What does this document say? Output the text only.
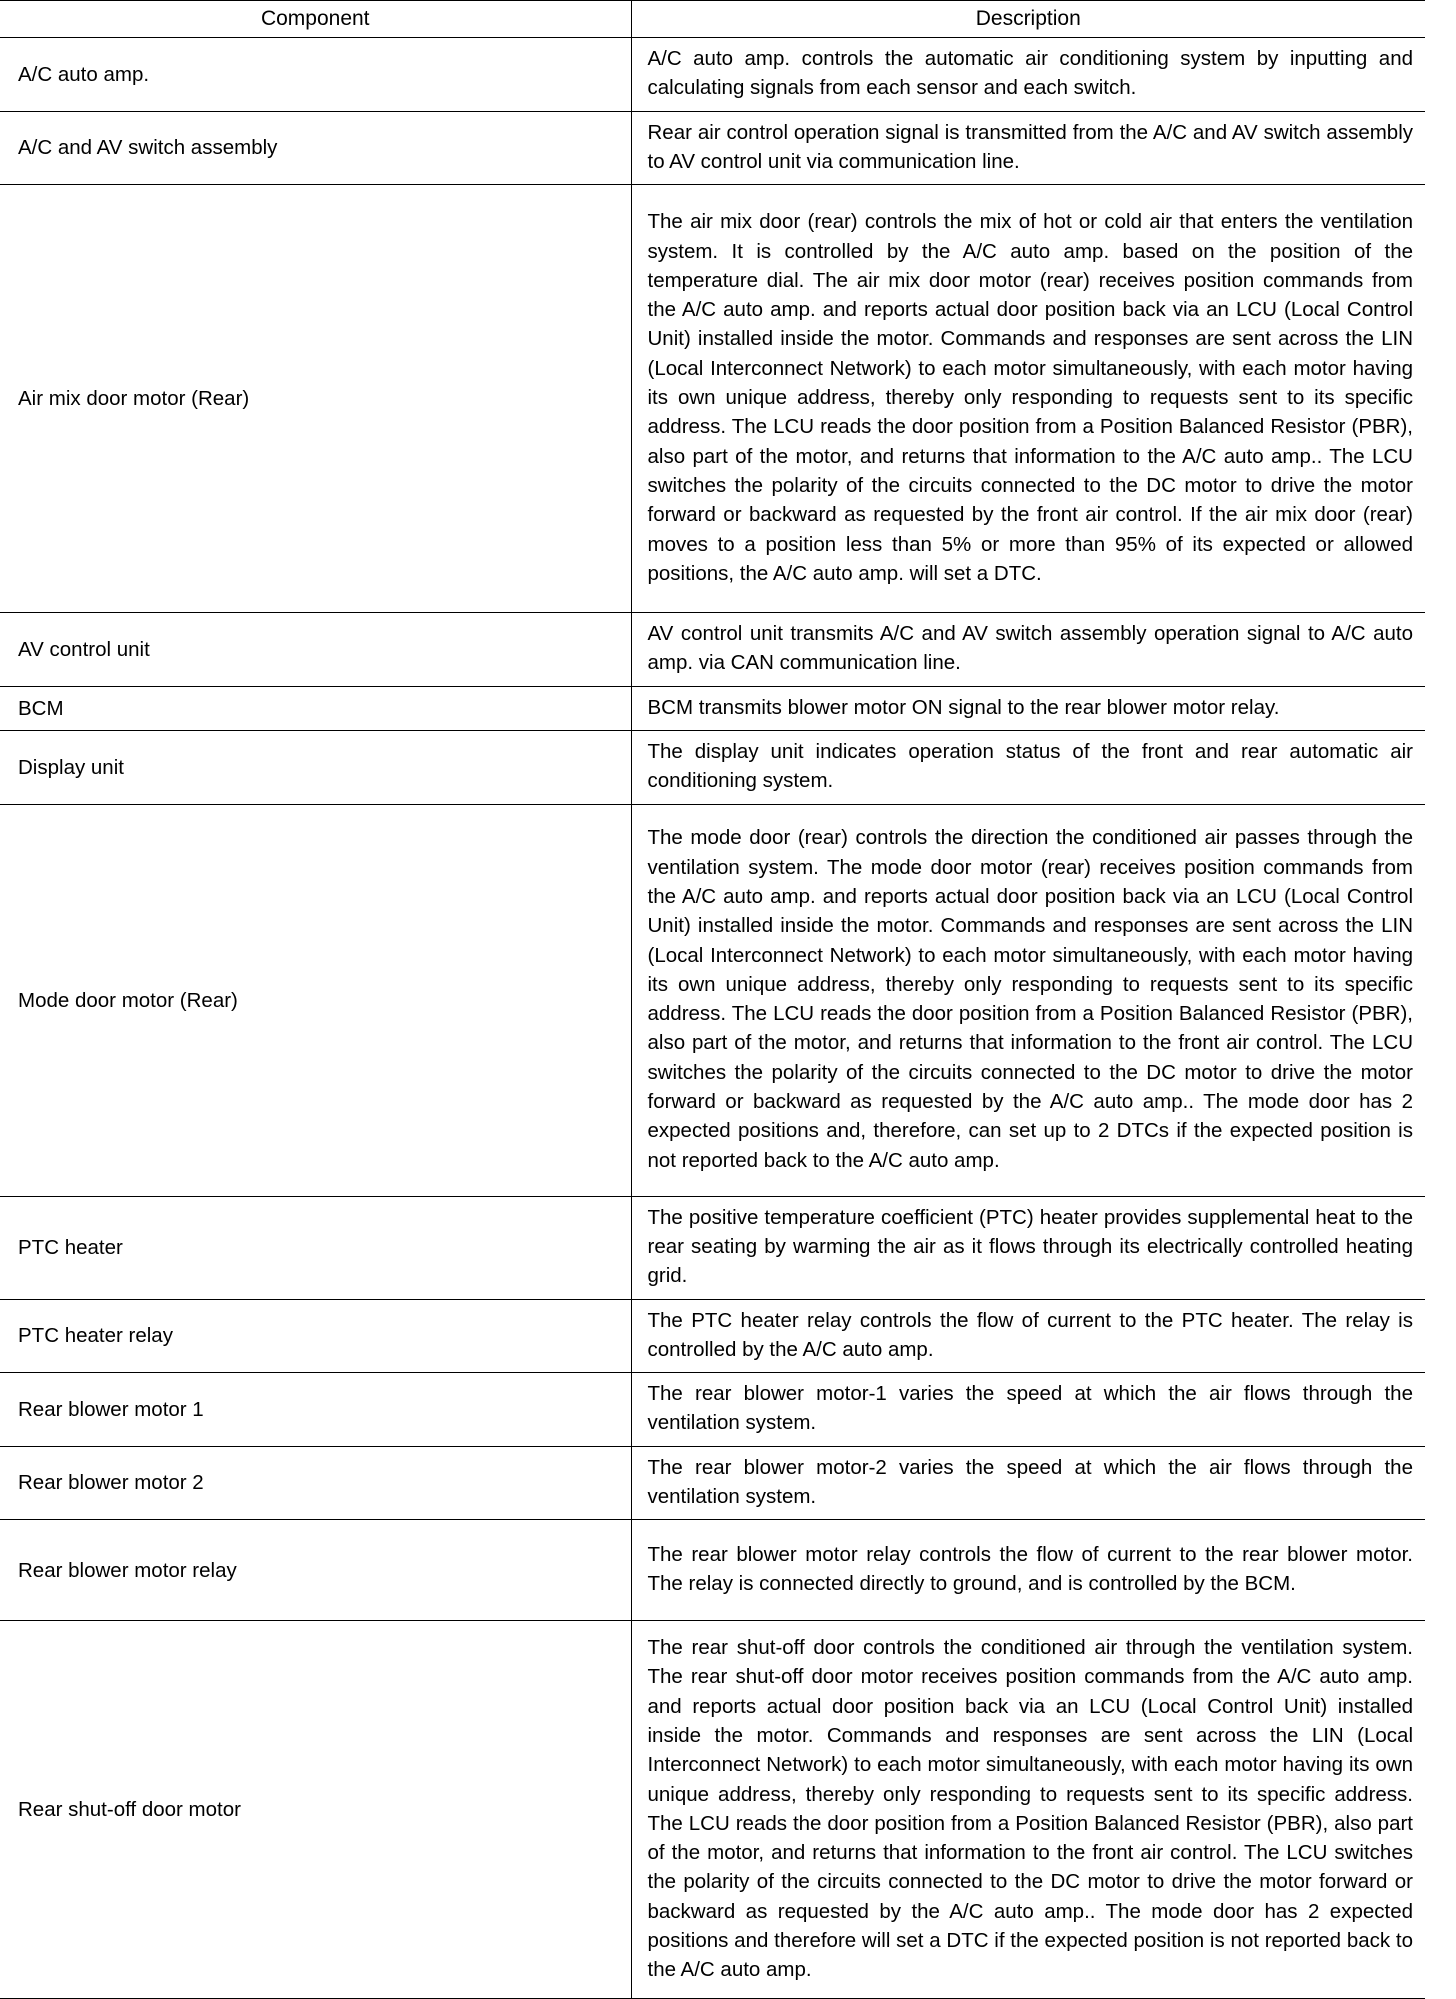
Component	Description
A/C auto amp.	A/C auto amp. controls the automatic air conditioning system by inputting and calculating signals from each sensor and each switch.
A/C and AV switch assembly	Rear air control operation signal is transmitted from the A/C and AV switch assembly to AV control unit via communication line.
Air mix door motor (Rear)	The air mix door (rear) controls the mix of hot or cold air that enters the ventilation system. It is controlled by the A/C auto amp. based on the position of the temperature dial. The air mix door motor (rear) receives position commands from the A/C auto amp. and reports actual door position back via an LCU (Local Control Unit) installed inside the motor. Commands and responses are sent across the LIN (Local Interconnect Network) to each motor simultaneously, with each motor having its own unique address, thereby only responding to requests sent to its specific address. The LCU reads the door position from a Position Balanced Resistor (PBR), also part of the motor, and returns that information to the A/C auto amp.. The LCU switches the polarity of the circuits connected to the DC motor to drive the motor forward or backward as requested by the front air control. If the air mix door (rear) moves to a position less than 5% or more than 95% of its expected or allowed positions, the A/C auto amp. will set a DTC.
AV control unit	AV control unit transmits A/C and AV switch assembly operation signal to A/C auto amp. via CAN communication line.
BCM	BCM transmits blower motor ON signal to the rear blower motor relay.
Display unit	The display unit indicates operation status of the front and rear automatic air conditioning system.
Mode door motor (Rear)	The mode door (rear) controls the direction the conditioned air passes through the ventilation system. The mode door motor (rear) receives position commands from the A/C auto amp. and reports actual door position back via an LCU (Local Control Unit) installed inside the motor. Commands and responses are sent across the LIN (Local Interconnect Network) to each motor simultaneously, with each motor having its own unique address, thereby only responding to requests sent to its specific address. The LCU reads the door position from a Position Balanced Resistor (PBR), also part of the motor, and returns that information to the front air control. The LCU switches the polarity of the circuits connected to the DC motor to drive the motor forward or backward as requested by the A/C auto amp.. The mode door has 2 expected positions and, therefore, can set up to 2 DTCs if the expected position is not reported back to the A/C auto amp.
PTC heater	The positive temperature coefficient (PTC) heater provides supplemental heat to the rear seating by warming the air as it flows through its electrically controlled heating grid.
PTC heater relay	The PTC heater relay controls the flow of current to the PTC heater. The relay is controlled by the A/C auto amp.
Rear blower motor 1	The rear blower motor-1 varies the speed at which the air flows through the ventilation system.
Rear blower motor 2	The rear blower motor-2 varies the speed at which the air flows through the ventilation system.
Rear blower motor relay	The rear blower motor relay controls the flow of current to the rear blower motor. The relay is connected directly to ground, and is controlled by the BCM.
Rear shut-off door motor	The rear shut-off door controls the conditioned air through the ventilation system. The rear shut-off door motor receives position commands from the A/C auto amp. and reports actual door position back via an LCU (Local Control Unit) installed inside the motor. Commands and responses are sent across the LIN (Local Interconnect Network) to each motor simultaneously, with each motor having its own unique address, thereby only responding to requests sent to its specific address. The LCU reads the door position from a Position Balanced Resistor (PBR), also part of the motor, and returns that information to the front air control. The LCU switches the polarity of the circuits connected to the DC motor to drive the motor forward or backward as requested by the A/C auto amp.. The mode door has 2 expected positions and therefore will set a DTC if the expected position is not reported back to the A/C auto amp.
